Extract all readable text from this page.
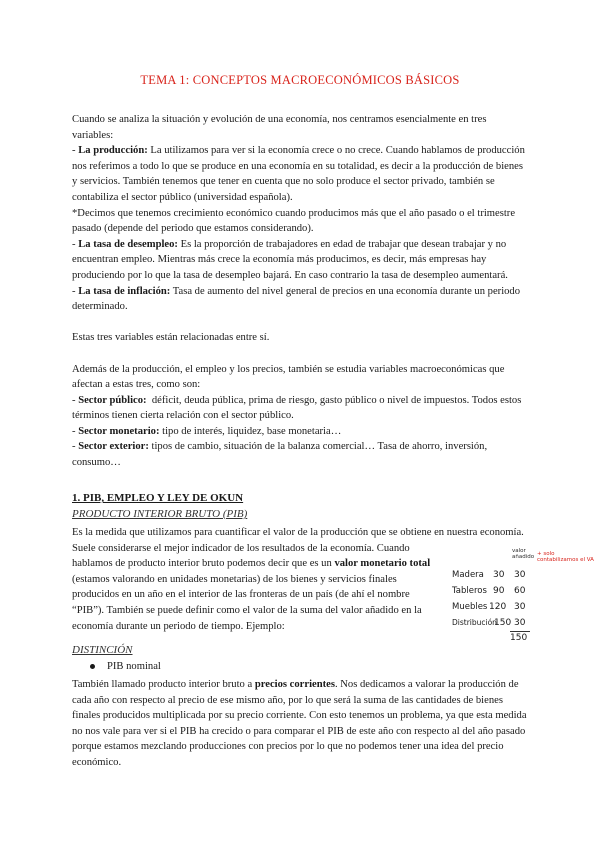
TEMA 1: CONCEPTOS MACROECONÓMICOS BÁSICOS

Cuando se analiza la situación y evolución de una economía, nos centramos esencialmente en tres variables:

- La producción: La utilizamos para ver si la economía crece o no crece. Cuando hablamos de producción nos referimos a todo lo que se produce en una economía en su totalidad, es decir a la producción de bienes y servicios. También tenemos que tener en cuenta que no solo produce el sector privado, también se contabiliza el sector público (universidad española).

*Decimos que tenemos crecimiento económico cuando producimos más que el año pasado o el trimestre pasado (depende del periodo que estamos considerando).

- La tasa de desempleo: Es la proporción de trabajadores en edad de trabajar que desean trabajar y no encuentran empleo. Mientras más crece la economía más producimos, es decir, más empresas hay produciendo por lo que la tasa de desempleo bajará. En caso contrario la tasa de desempleo aumentará.

- La tasa de inflación: Tasa de aumento del nivel general de precios en una economía durante un periodo determinado.

Estas tres variables están relacionadas entre sí.

Además de la producción, el empleo y los precios, también se estudia variables macroeconómicas que afectan a estas tres, como son:

- Sector público: déficit, deuda pública, prima de riesgo, gasto público o nivel de impuestos. Todos estos términos tienen cierta relación con el sector público.

- Sector monetario: tipo de interés, liquidez, base monetaria…

- Sector exterior: tipos de cambio, situación de la balanza comercial… Tasa de ahorro, inversión, consumo…

1. PIB, EMPLEO Y LEY DE OKUN
PRODUCTO INTERIOR BRUTO (PIB)

Es la medida que utilizamos para cuantificar el valor de la producción que se obtiene en nuestra economía. Suele considerarse el mejor indicador de los resultados de la economía. Cuando

hablamos de producto interior bruto podemos decir que es un valor monetario total (estamos valorando en unidades monetarias) de los bienes y servicios finales producidos en un año en el interior de las fronteras de un país (de ahí el nombre “PIB”). También se puede definir como el valor de la suma del valor añadido en la economía durante un periodo de tiempo. Ejemplo:

valor añadido + solo contabilizamos el VA
Madera 30 30
Tableros 90 60
Muebles 120 30
Distribución
150 30
150
DISTINCIÓN
PIB nominal

También llamado producto interior bruto a precios corrientes. Nos dedicamos a valorar la producción de cada año con respecto al precio de ese mismo año, por lo que será la suma de las cantidades de bienes finales producidos multiplicada por su precio corriente. Con esto tenemos un problema, ya que esta medida no nos vale para ver si el PIB ha crecido o para comparar el PIB de este año con respecto al del año pasado porque estamos mezclando producciones con precios por lo que no podemos tener una idea del precio económico.
